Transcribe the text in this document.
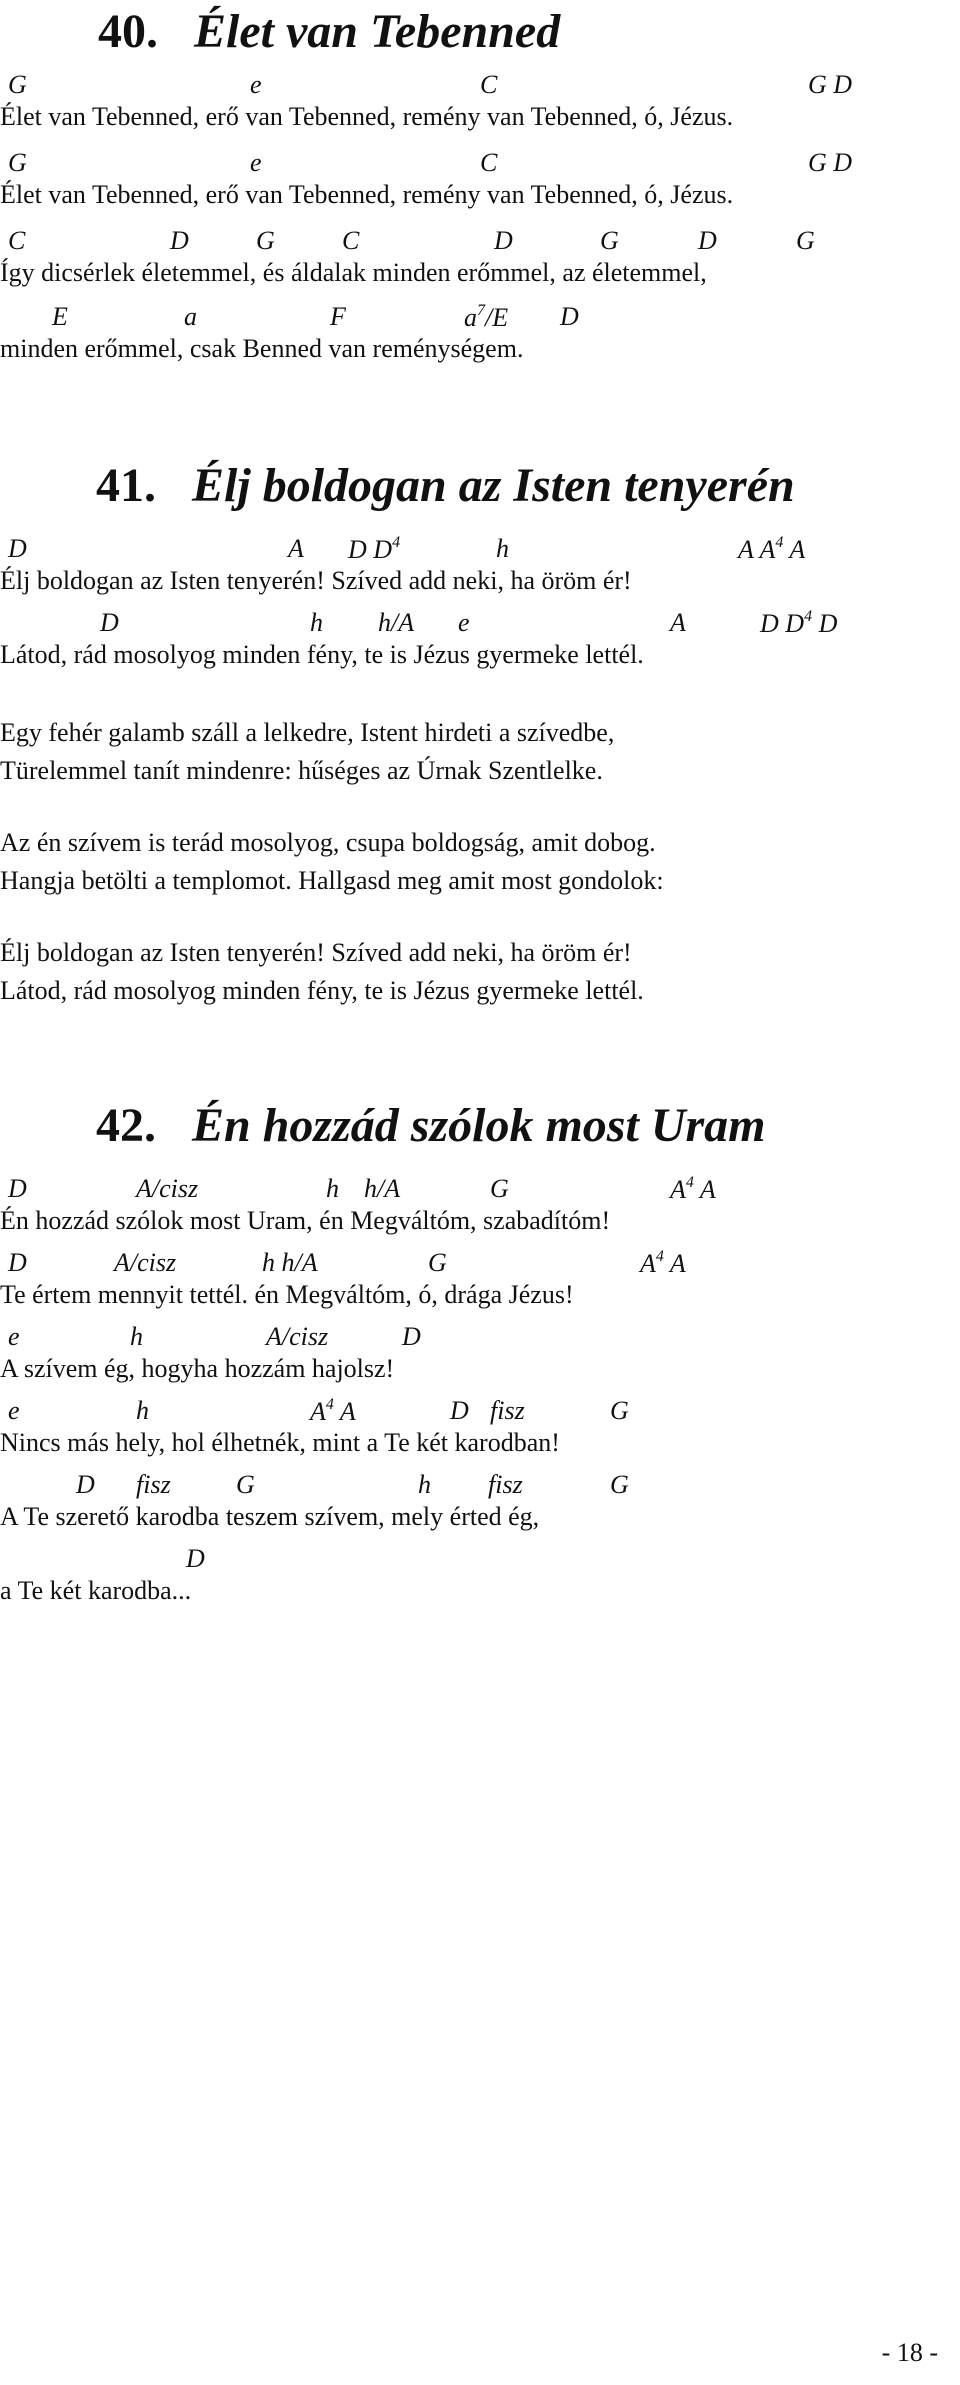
40. Élet van Tebenned
G	e	C	G D
Élet van Tebenned, erő van Tebenned, remény van Tebenned, ó, Jézus.
G	e	C	G D
Élet van Tebenned, erő van Tebenned, remény van Tebenned, ó, Jézus.
C	D	G	C	D	G	D	G
Így dicsérlek életemmel, és áldalak minden erőmmel, az életemmel,
E	a	F	$a^7/E$ D
minden erőmmel, csak Benned van reménységem.
41. Élj boldogan az Isten tenyerén
D	A D $D^4$	h	A $A^4$ A
Élj boldogan az Isten tenyerén! Szíved add neki, ha öröm ér!
D	h h/A e	A	D $D^4$ D
Látod, rád mosolyog minden fény, te is Jézus gyermeke lettél.
Egy fehér galamb száll a lelkedre, Istent hirdeti a szívedbe,
Türelemmel tanít mindenre: hűséges az Úrnak Szentlelke.
Az én szívem is terád mosolyog, csupa boldogság, amit dobog.
Hangja betölti a templomot. Hallgasd meg amit most gondolok:
Élj boldogan az Isten tenyerén! Szíved add neki, ha öröm ér!
Látod, rád mosolyog minden fény, te is Jézus gyermeke lettél.
42. Én hozzád szólok most Uram
D	A/cisz	h h/A	G	$A^4$ A
Én hozzád szólok most Uram, én Megváltóm, szabadítóm!
D	A/cisz	h h/A	G	$A^4$ A
Te értem mennyit tettél. én Megváltóm, ó, drága Jézus!
e	h	A/cisz	D
A szívem ég, hogyha hozzám hajolsz!
e	h	$A^4$ A	D fisz	G
Nincs más hely, hol élhetnék, mint a Te két karodban!
D fisz	G	h fisz	G
A Te szerető karodba teszem szívem, mely érted ég,
D
a Te két karodba...
- 18 -
